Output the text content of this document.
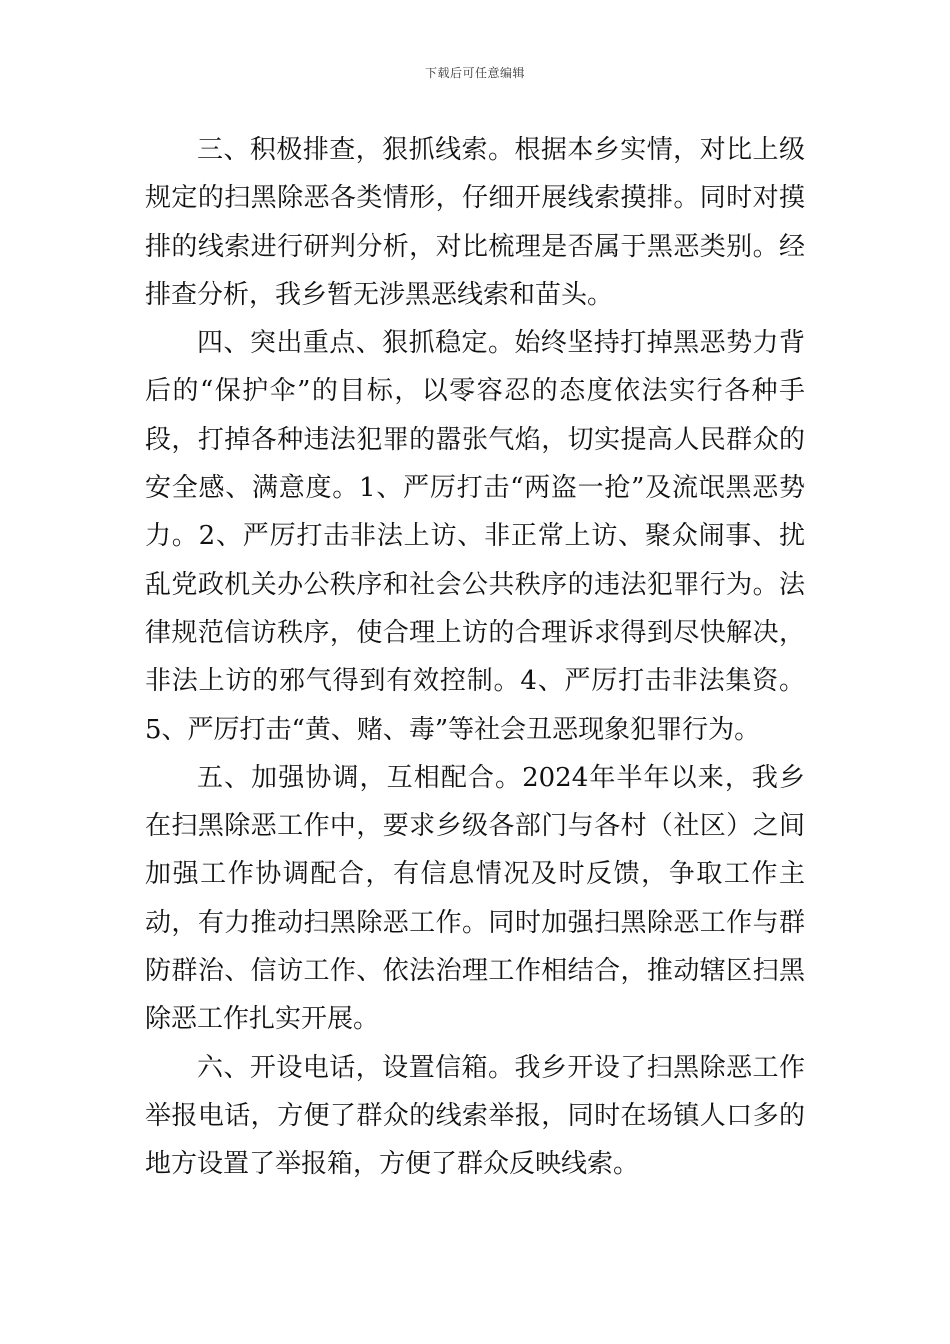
下载后可任意编辑

三、积极排查，狠抓线索。根据本乡实情，对比上级规定的扫黑除恶各类情形，仔细开展线索摸排。同时对摸排的线索进行研判分析，对比梳理是否属于黑恶类别。经排查分析，我乡暂无涉黑恶线索和苗头。

四、突出重点、狠抓稳定。始终坚持打掉黑恶势力背后的“保护伞”的目标，以零容忍的态度依法实行各种手段，打掉各种违法犯罪的嚣张气焰，切实提高人民群众的安全感、满意度。1、严厉打击“两盗一抢”及流氓黑恶势力。2、严厉打击非法上访、非正常上访、聚众闹事、扰乱党政机关办公秩序和社会公共秩序的违法犯罪行为。法律规范信访秩序，使合理上访的合理诉求得到尽快解决，非法上访的邪气得到有效控制。4、严厉打击非法集资。5、严厉打击“黄、赌、毒”等社会丑恶现象犯罪行为。

五、加强协调，互相配合。2024年半年以来，我乡在扫黑除恶工作中，要求乡级各部门与各村（社区）之间加强工作协调配合，有信息情况及时反馈，争取工作主动，有力推动扫黑除恶工作。同时加强扫黑除恶工作与群防群治、信访工作、依法治理工作相结合，推动辖区扫黑除恶工作扎实开展。

六、开设电话，设置信箱。我乡开设了扫黑除恶工作举报电话，方便了群众的线索举报，同时在场镇人口多的地方设置了举报箱，方便了群众反映线索。
